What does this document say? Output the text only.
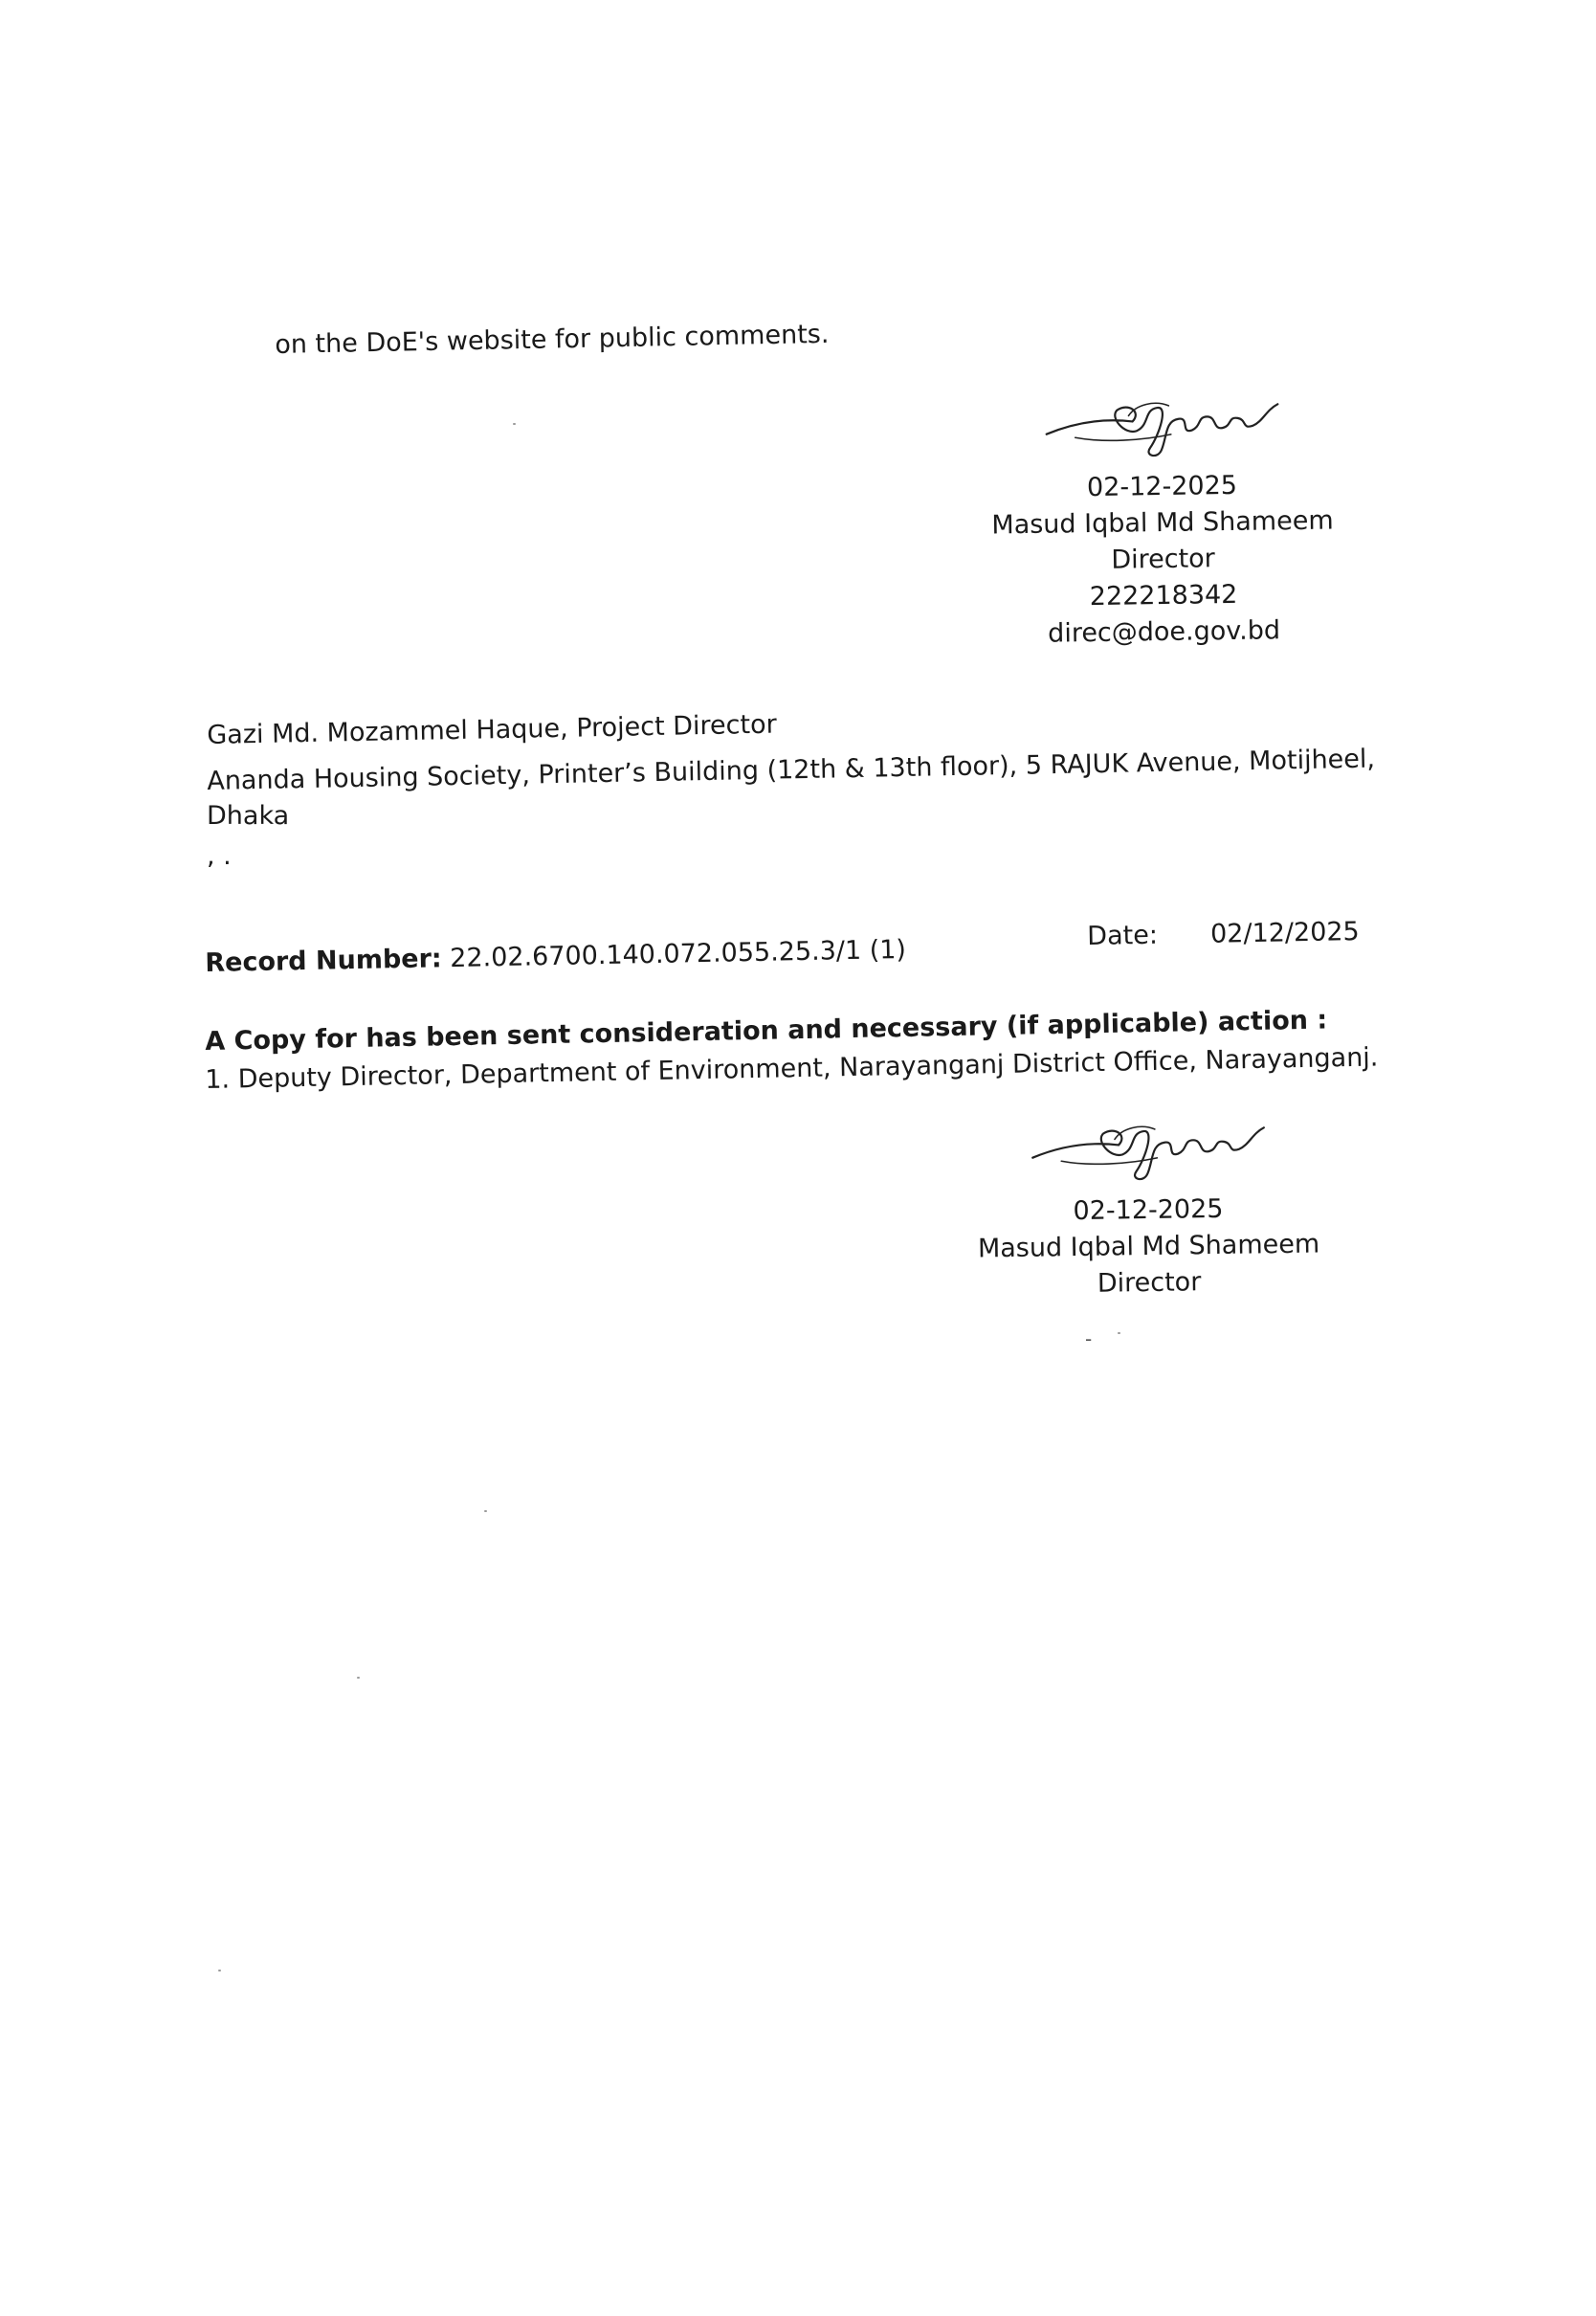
on the DoE's website for public comments.
02-12-2025
Masud Iqbal Md Shameem
Director
222218342
direc@doe.gov.bd
Gazi Md. Mozammel Haque, Project Director
Ananda Housing Society, Printer’s Building (12th & 13th floor), 5 RAJUK Avenue, Motijheel,
Dhaka
, .
Record Number: 22.02.6700.140.072.055.25.3/1 (1)	Date: 02/12/2025
A Copy for has been sent consideration and necessary (if applicable) action :
1. Deputy Director, Department of Environment, Narayanganj District Office, Narayanganj.
02-12-2025
Masud Iqbal Md Shameem
Director
-
